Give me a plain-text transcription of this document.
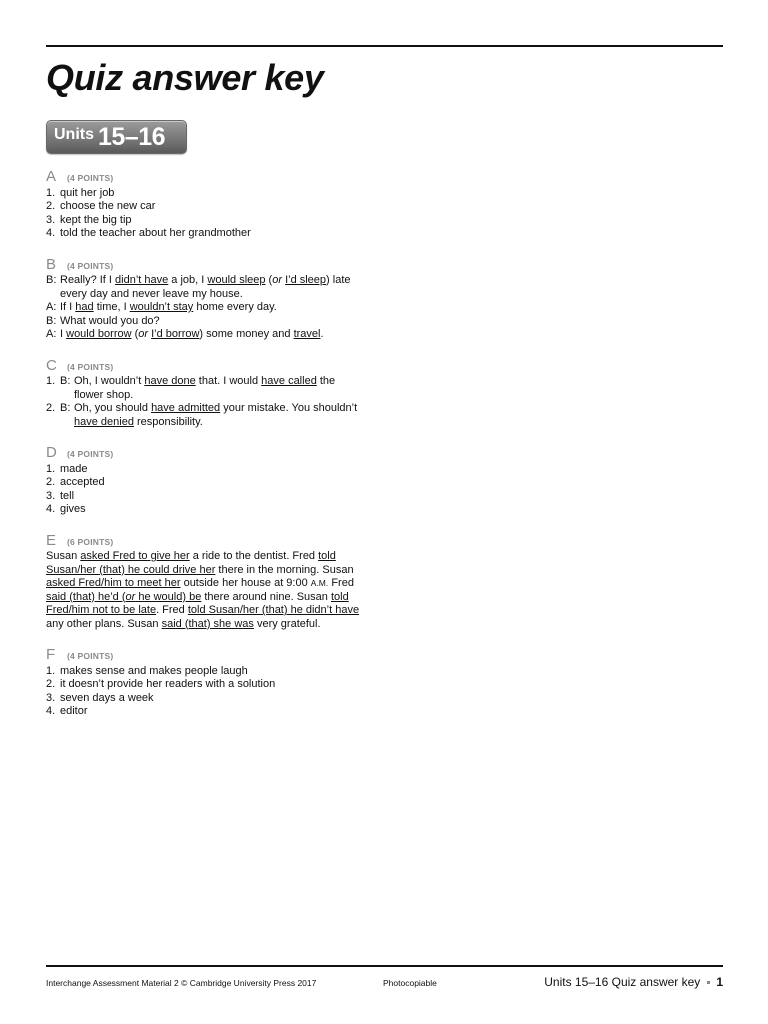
Quiz answer key
Units 15–16
A	(4 POINTS)
1. quit her job
2. choose the new car
3. kept the big tip
4. told the teacher about her grandmother
B	(4 POINTS)
B: Really? If I didn’t have a job, I would sleep (or I’d sleep) late every day and never leave my house.
A: If I had time, I wouldn’t stay home every day.
B: What would you do?
A: I would borrow (or I’d borrow) some money and travel.
C	(4 POINTS)
1. B: Oh, I wouldn’t have done that. I would have called the flower shop.
2. B: Oh, you should have admitted your mistake. You shouldn’t have denied responsibility.
D	(4 POINTS)
1. made
2. accepted
3. tell
4. gives
E	(6 POINTS)
Susan asked Fred to give her a ride to the dentist. Fred told Susan/her (that) he could drive her there in the morning. Susan asked Fred/him to meet her outside her house at 9:00 A.M. Fred said (that) he’d (or he would) be there around nine. Susan told Fred/him not to be late. Fred told Susan/her (that) he didn’t have any other plans. Susan said (that) she was very grateful.
F	(4 POINTS)
1. makes sense and makes people laugh
2. it doesn’t provide her readers with a solution
3. seven days a week
4. editor
Interchange Assessment Material 2 © Cambridge University Press 2017	Photocopiable	Units 15–16 Quiz answer key 1
